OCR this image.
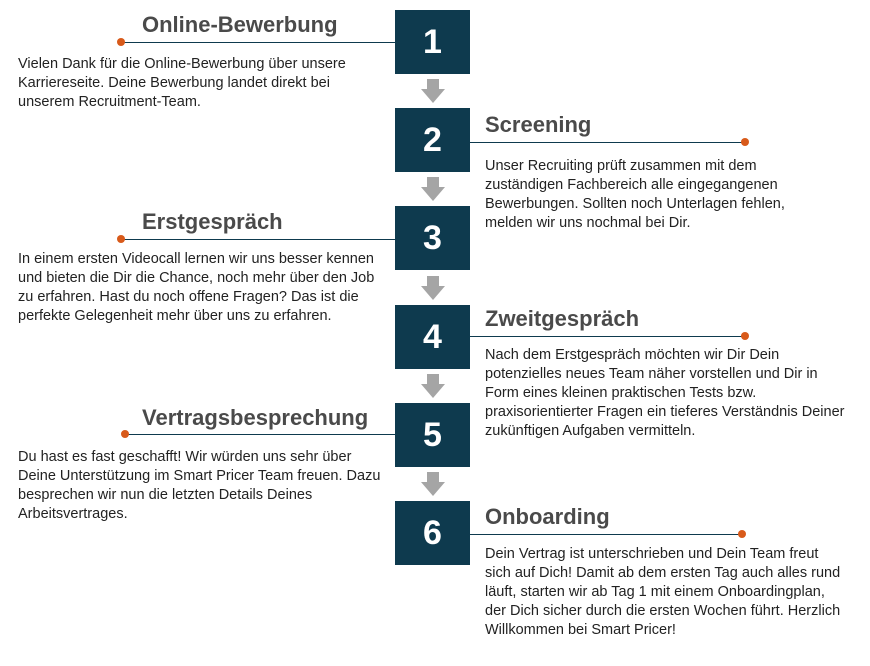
1
Online-Bewerbung
Vielen Dank für die Online-Bewerbung über unsere Karriereseite. Deine Bewerbung landet direkt bei unserem Recruitment-Team.
2 Screening
Unser Recruiting prüft zusammen mit dem zuständigen Fachbereich alle eingegangenen Bewerbungen. Sollten noch Unterlagen fehlen, melden wir uns nochmal bei Dir.
3
Erstgespräch
In einem ersten Videocall lernen wir uns besser kennen und bieten die Dir die Chance, noch mehr über den Job zu erfahren. Hast du noch offene Fragen? Das ist die perfekte Gelegenheit mehr über uns zu erfahren.
4 Zweitgespräch
Nach dem Erstgespräch möchten wir Dir Dein potenzielles neues Team näher vorstellen und Dir in Form eines kleinen praktischen Tests bzw. praxisorientierter Fragen ein tieferes Verständnis Deiner zukünftigen Aufgaben vermitteln.
5
Vertragsbesprechung
Du hast es fast geschafft! Wir würden uns sehr über Deine Unterstützung im Smart Pricer Team freuen. Dazu besprechen wir nun die letzten Details Deines Arbeitsvertrages.	6 Onboarding
Dein Vertrag ist unterschrieben und Dein Team freut sich auf Dich! Damit ab dem ersten Tag auch alles rund läuft, starten wir ab Tag 1 mit einem Onboardingplan, der Dich sicher durch die ersten Wochen führt. Herzlich Willkommen bei Smart Pricer!
